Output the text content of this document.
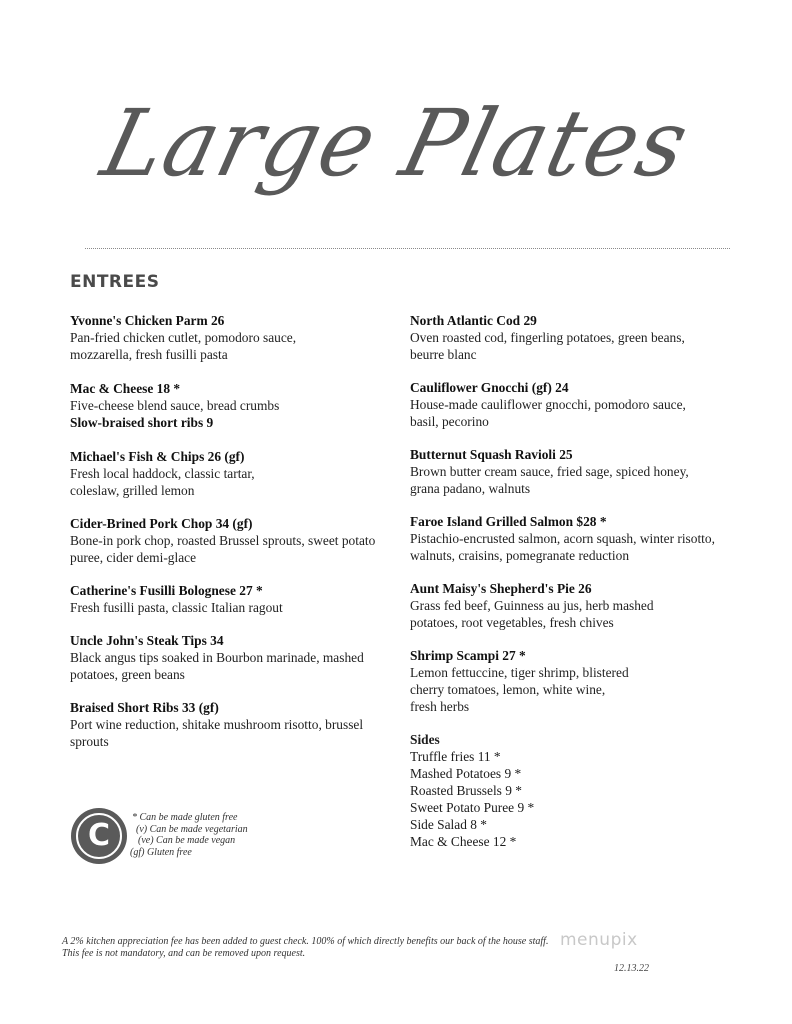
Large Plates
ENTREES
Yvonne's Chicken Parm 26
Pan-fried chicken cutlet, pomodoro sauce,
mozzarella, fresh fusilli pasta
Mac & Cheese 18 *
Five-cheese blend sauce, bread crumbs
Slow-braised short ribs 9
Michael's Fish & Chips 26 (gf)
Fresh local haddock, classic tartar,
coleslaw, grilled lemon
Cider-Brined Pork Chop 34 (gf)
Bone-in pork chop, roasted Brussel sprouts, sweet potato
puree, cider demi-glace
Catherine's Fusilli Bolognese 27 *
Fresh fusilli pasta, classic Italian ragout
Uncle John's Steak Tips 34
Black angus tips soaked in Bourbon marinade, mashed
potatoes, green beans
Braised Short Ribs 33 (gf)
Port wine reduction, shitake mushroom risotto, brussel
sprouts
North Atlantic Cod 29
Oven roasted cod, fingerling potatoes, green beans,
beurre blanc
Cauliflower Gnocchi (gf) 24
House-made cauliflower gnocchi, pomodoro sauce,
basil, pecorino
Butternut Squash Ravioli 25
Brown butter cream sauce, fried sage, spiced honey,
grana padano, walnuts
Faroe Island Grilled Salmon $28 *
Pistachio-encrusted salmon, acorn squash, winter risotto,
walnuts, craisins, pomegranate reduction
Aunt Maisy's Shepherd's Pie 26
Grass fed beef, Guinness au jus, herb mashed
potatoes, root vegetables, fresh chives
Shrimp Scampi 27 *
Lemon fettuccine, tiger shrimp, blistered
cherry tomatoes, lemon, white wine,
fresh herbs
Sides
Truffle fries 11 *
Mashed Potatoes 9 *
Roasted Brussels 9 *
Sweet Potato Puree 9 *
Side Salad 8 *
Mac & Cheese 12 *
C
* Can be made gluten free
(v) Can be made vegetarian
(ve) Can be made vegan
(gf) Gluten free
menupix
A 2% kitchen appreciation fee has been added to guest check. 100% of which directly benefits our back of the house staff.
This fee is not mandatory, and can be removed upon request.
12.13.22
